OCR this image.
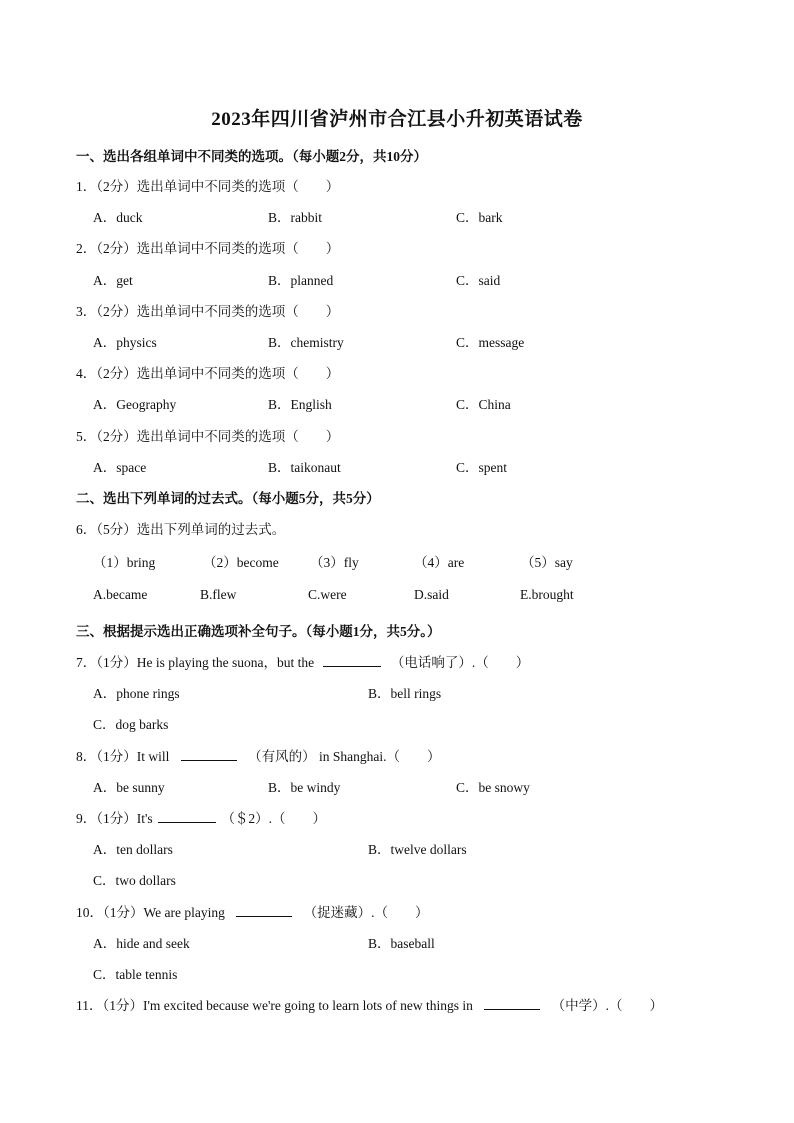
2023年四川省泸州市合江县小升初英语试卷
一、选出各组单词中不同类的选项。（每小题2分，共10分）
1．（2分）选出单词中不同类的选项（　　）
A．duck	B．rabbit	C．bark
2．（2分）选出单词中不同类的选项（　　）
A．get	B．planned	C．said
3．（2分）选出单词中不同类的选项（　　）
A．physics	B．chemistry	C．message
4．（2分）选出单词中不同类的选项（　　）
A．Geography	B．English	C．China
5．（2分）选出单词中不同类的选项（　　）
A．space	B．taikonaut	C．spent
二、选出下列单词的过去式。（每小题5分，共5分）
6．（5分）选出下列单词的过去式。
（1）bring	（2）become （3）fly	（4）are	（5）say
A.became	B.flew	C.were	D.said	E.brought
三、根据提示选出正确选项补全句子。（每小题1分，共5分。）
7．（1分）He is playing the suona，but the	（电话响了）.（　　）
A．phone rings	B．bell rings
C．dog barks
8．（1分）It will	（有风的） in Shanghai.（　　）
A．be sunny	B．be windy	C．be snowy
9．（1分）It's	（＄2）.（　　）
A．ten dollars	B．twelve dollars
C．two dollars
10．（1分）We are playing	（捉迷藏）.（　　）
A．hide and seek	B．baseball
C．table tennis
11．（1分）I'm excited because we're going to learn lots of new things in	（中学）.（　　）
